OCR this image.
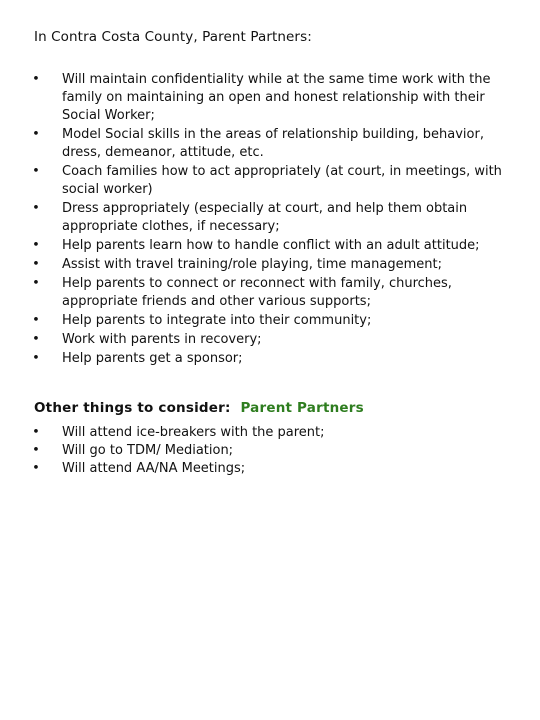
In Contra Costa County, Parent Partners:
• Will maintain confidentiality while at the same time work with the family on maintaining an open and honest relationship with their Social Worker;
• Model Social skills in the areas of relationship building, behavior, dress, demeanor, attitude, etc.
• Coach families how to act appropriately (at court, in meetings, with social worker)
• Dress appropriately (especially at court, and help them obtain appropriate clothes, if necessary;
• Help parents learn how to handle conflict with an adult attitude;
• Assist with travel training/role playing, time management;
• Help parents to connect or reconnect with family, churches, appropriate friends and other various supports;
• Help parents to integrate into their community;
• Work with parents in recovery;
• Help parents get a sponsor;
Other things to consider: Parent Partners
• Will attend ice-breakers with the parent;
• Will go to TDM/ Mediation;
• Will attend AA/NA Meetings;
